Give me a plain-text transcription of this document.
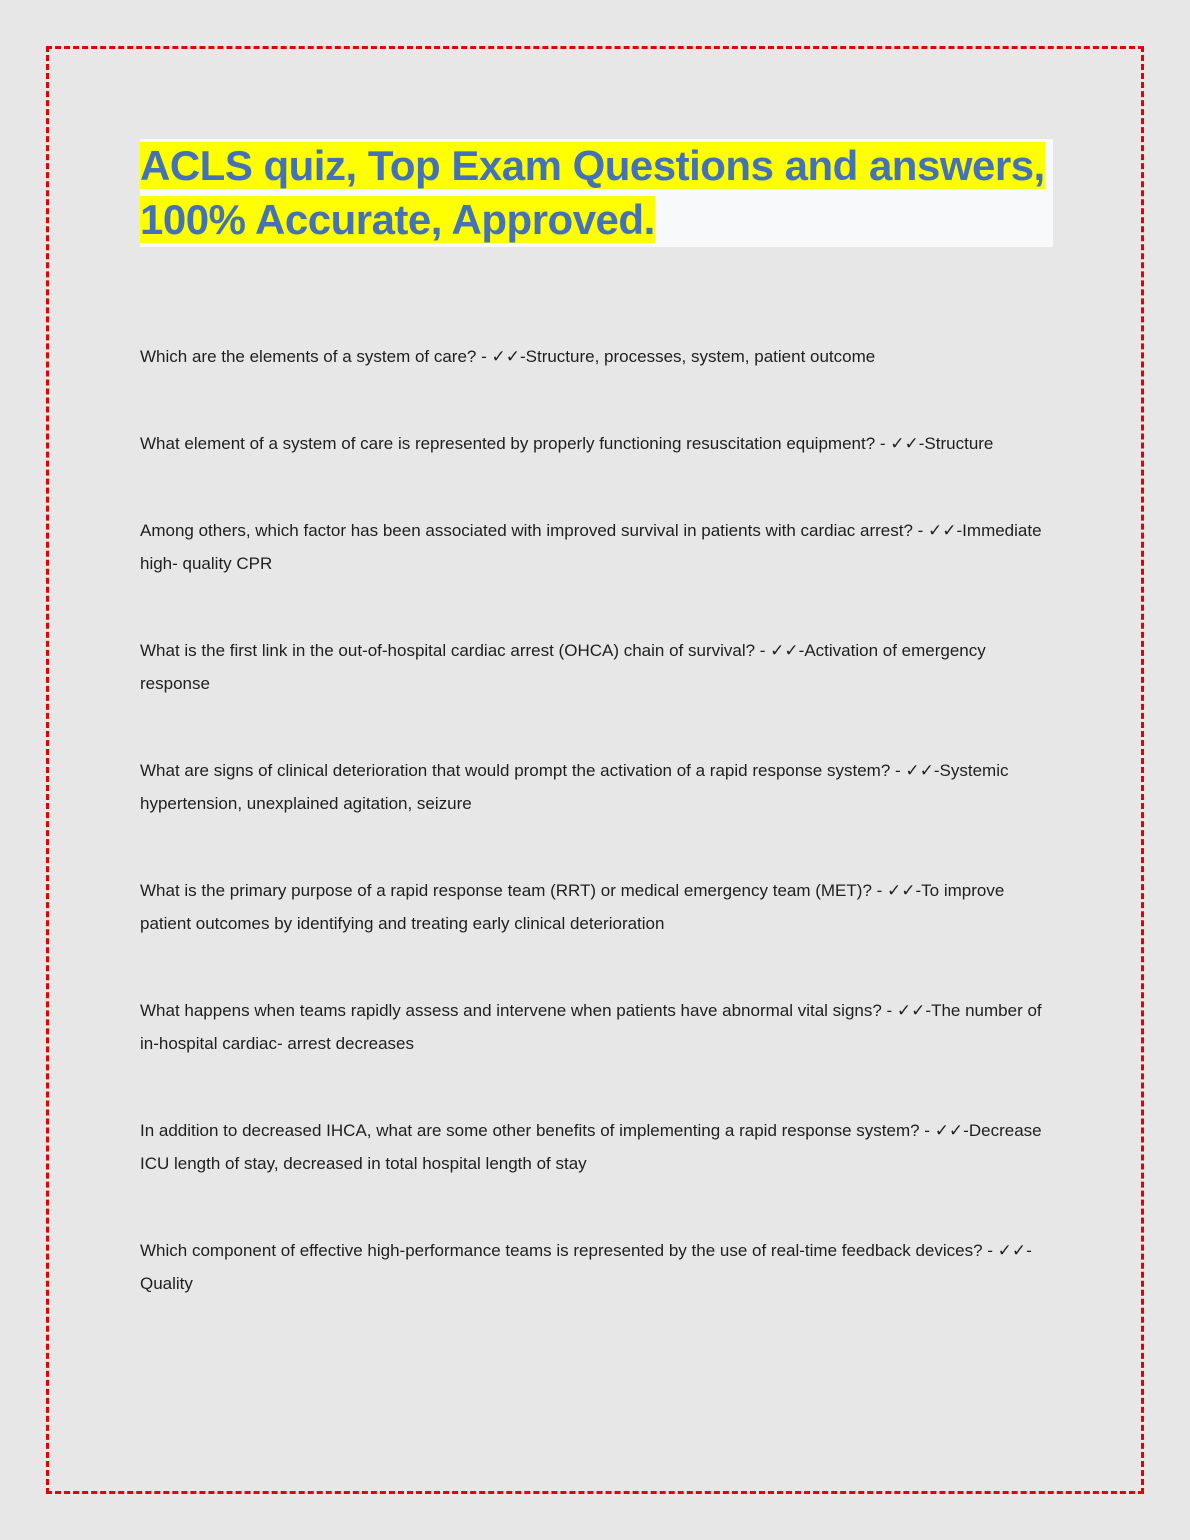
ACLS quiz, Top Exam Questions and answers, 100% Accurate, Approved.

Which are the elements of a system of care? - ✓✓-Structure, processes, system, patient outcome

What element of a system of care is represented by properly functioning resuscitation equipment? - ✓✓-Structure

Among others, which factor has been associated with improved survival in patients with cardiac arrest? - ✓✓-Immediate high- quality CPR

What is the first link in the out-of-hospital cardiac arrest (OHCA) chain of survival? - ✓✓-Activation of emergency response

What are signs of clinical deterioration that would prompt the activation of a rapid response system? - ✓✓-Systemic hypertension, unexplained agitation, seizure

What is the primary purpose of a rapid response team (RRT) or medical emergency team (MET)? - ✓✓-To improve patient outcomes by identifying and treating early clinical deterioration

What happens when teams rapidly assess and intervene when patients have abnormal vital signs? - ✓✓-The number of in-hospital cardiac- arrest decreases

In addition to decreased IHCA, what are some other benefits of implementing a rapid response system? - ✓✓-Decrease ICU length of stay, decreased in total hospital length of stay

Which component of effective high-performance teams is represented by the use of real-time feedback devices? - ✓✓-Quality
